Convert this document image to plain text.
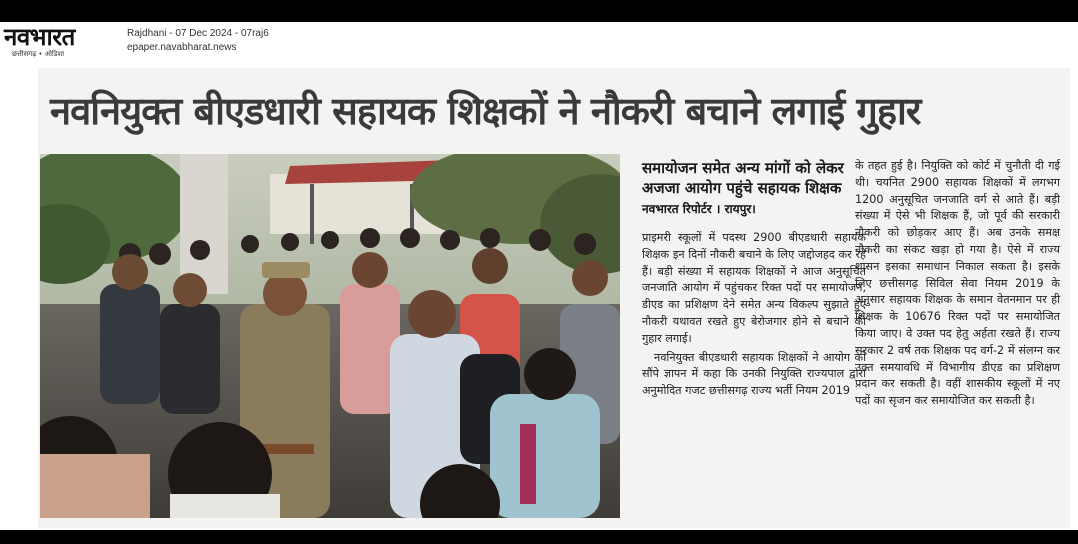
नवभारत
छत्तीसगढ़ • ओडिशा
Rajdhani - 07 Dec 2024 - 07raj6
epaper.navabharat.news
नवनियुक्त बीएडधारी सहायक शिक्षकों ने नौकरी बचाने लगाई गुहार
समायोजन समेत अन्य मांगों को लेकर अजजा आयोग पहुंचे सहायक शिक्षक
नवभारत रिपोर्टर । रायपुर।
प्राइमरी स्कूलों में पदस्थ 2900 बीएडधारी सहायक शिक्षक इन दिनों नौकरी बचाने के लिए जद्दोजहद कर रहे हैं। बड़ी संख्या में सहायक शिक्षकों ने आज अनुसूचित जनजाति आयोग में पहुंचकर रिक्त पदों पर समायोजन, डीएड का प्रशिक्षण देने समेत अन्य विकल्प सुझाते हुए नौकरी यथावत रखते हुए बेरोजगार होने से बचाने की गुहार लगाई।
नवनियुक्त बीएडधारी सहायक शिक्षकों ने आयोग को सौंपे ज्ञापन में कहा कि उनकी नियुक्ति राज्यपाल द्वारा अनुमोदित गजट छत्तीसगढ़ राज्य भर्ती नियम 2019
के तहत हुई है। नियुक्ति को कोर्ट में चुनौती दी गई थी। चयनित 2900 सहायक शिक्षकों में लगभग 1200 अनुसूचित जनजाति वर्ग से आते हैं। बड़ी संख्या में ऐसे भी शिक्षक हैं, जो पूर्व की सरकारी नौकरी को छोड़कर आए हैं। अब उनके समक्ष नौकरी का संकट खड़ा हो गया है। ऐसे में राज्य शासन इसका समाधान निकाल सकता है। इसके लिए छत्तीसगढ़ सिविल सेवा नियम 2019 के अनुसार सहायक शिक्षक के समान वेतनमान पर ही शिक्षक के 10676 रिक्त पदों पर समायोजित किया जाए। वे उक्त पद हेतु अर्हता रखते हैं। राज्य सरकार 2 वर्ष तक शिक्षक पद वर्ग-2 में संलग्न कर उक्त समयावधि में विभागीय डीएड का प्रशिक्षण प्रदान कर सकती है। वहीं शासकीय स्कूलों में नए पदों का सृजन कर समायोजित कर सकती है।
